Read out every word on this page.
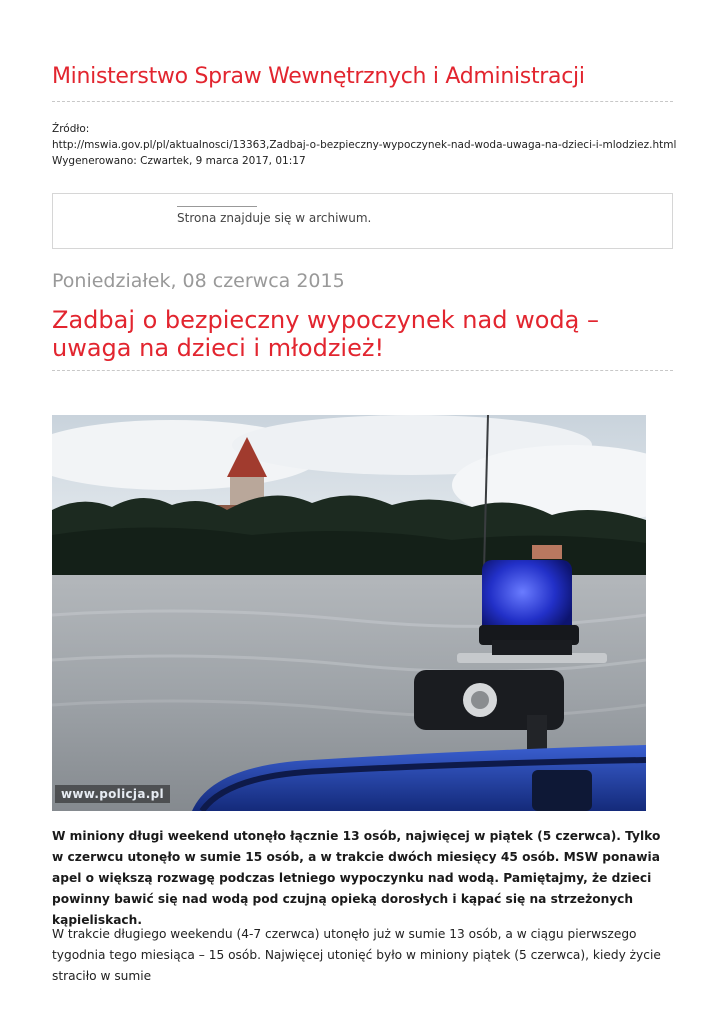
Ministerstwo Spraw Wewnętrznych i Administracji
Źródło:
http://mswia.gov.pl/pl/aktualnosci/13363,Zadbaj-o-bezpieczny-wypoczynek-nad-woda-uwaga-na-dzieci-i-mlodziez.html
Wygenerowano: Czwartek, 9 marca 2017, 01:17
Strona znajduje się w archiwum.
Poniedziałek, 08 czerwca 2015
Zadbaj o bezpieczny wypoczynek nad wodą – uwaga na dzieci i młodzież!
www.policja.pl
W miniony długi weekend utonęło łącznie 13 osób, najwięcej w piątek (5 czerwca). Tylko w czerwcu utonęło w sumie 15 osób, a w trakcie dwóch miesięcy 45 osób. MSW ponawia apel o większą rozwagę podczas letniego wypoczynku nad wodą. Pamiętajmy, że dzieci powinny bawić się nad wodą pod czujną opieką dorosłych i kąpać się na strzeżonych kąpieliskach.
W trakcie długiego weekendu (4-7 czerwca) utonęło już w sumie 13 osób, a w ciągu pierwszego tygodnia tego miesiąca – 15 osób. Najwięcej utonięć było w miniony piątek (5 czerwca), kiedy życie straciło w sumie
